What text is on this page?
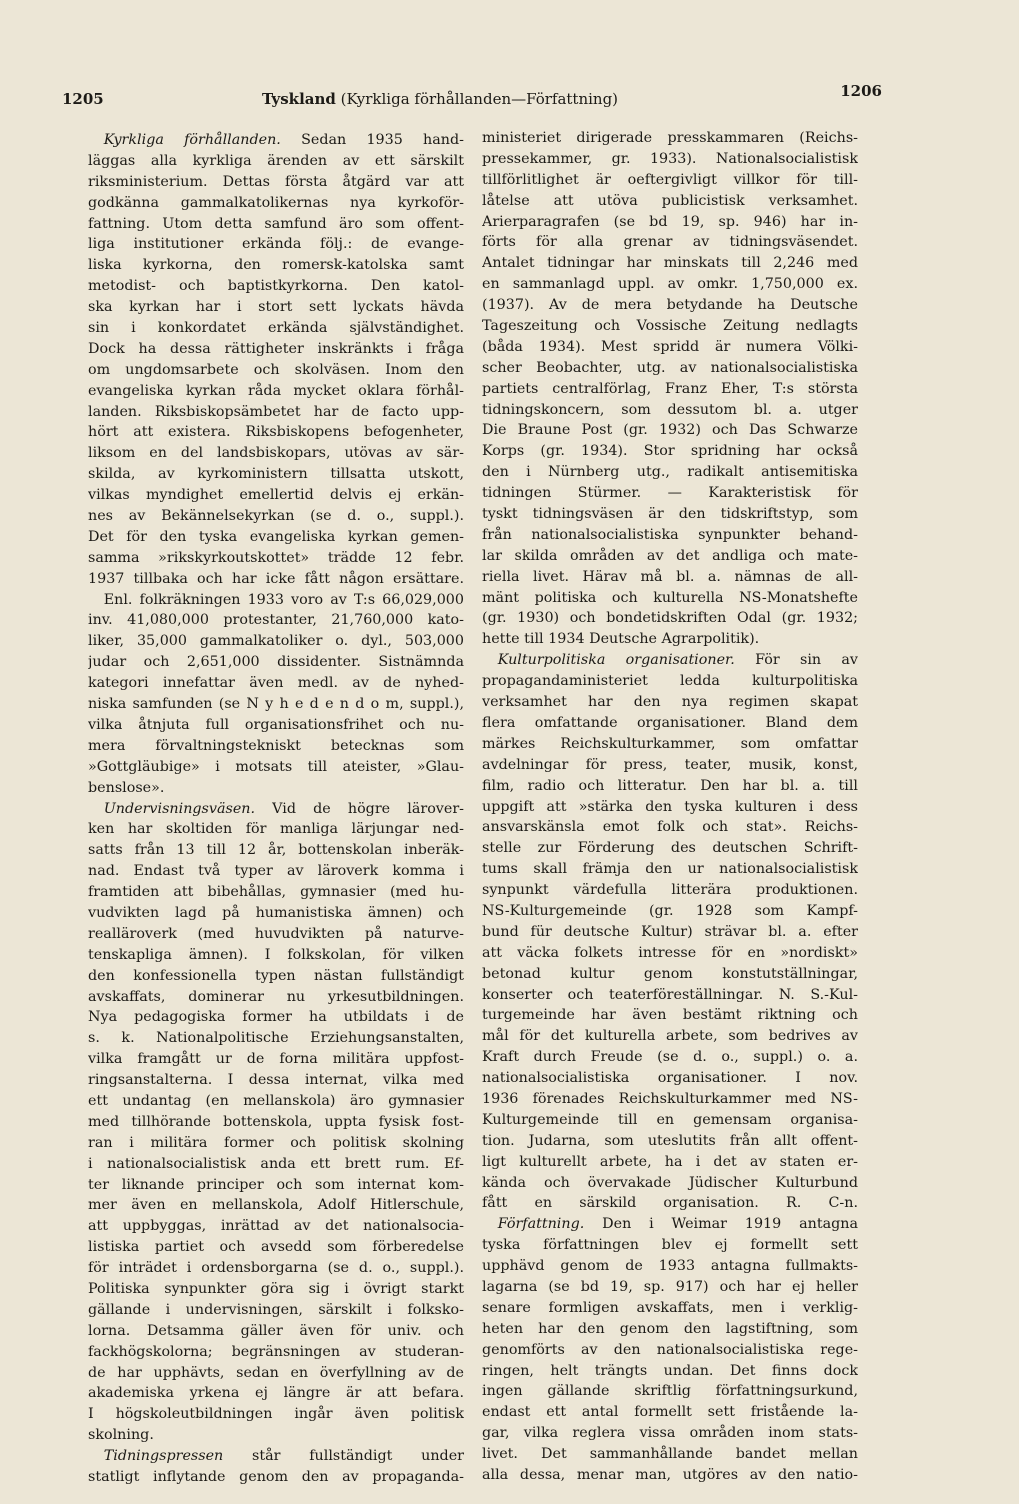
1205	Tyskland (Kyrkliga förhållanden—Författning)	1206
Kyrkliga förhållanden. Sedan 1935 hand-
läggas alla kyrkliga ärenden av ett särskilt
riksministerium. Dettas första åtgärd var att
godkänna gammalkatolikernas nya kyrkoför-
fattning. Utom detta samfund äro som offent-
liga institutioner erkända följ.: de evange-
liska kyrkorna, den romersk-katolska samt
metodist- och baptistkyrkorna. Den katol-
ska kyrkan har i stort sett lyckats hävda
sin i konkordatet erkända självständighet.
Dock ha dessa rättigheter inskränkts i fråga
om ungdomsarbete och skolväsen. Inom den
evangeliska kyrkan råda mycket oklara förhål-
landen. Riksbiskopsämbetet har de facto upp-
hört att existera. Riksbiskopens befogenheter,
liksom en del landsbiskopars, utövas av sär-
skilda, av kyrkoministern tillsatta utskott,
vilkas myndighet emellertid delvis ej erkän-
nes av Bekännelsekyrkan (se d. o., suppl.).
Det för den tyska evangeliska kyrkan gemen-
samma »rikskyrkoutskottet» trädde 12 febr.
1937 tillbaka och har icke fått någon ersättare.
Enl. folkräkningen 1933 voro av T:s 66,029,000
inv. 41,080,000 protestanter, 21,760,000 kato-
liker, 35,000 gammalkatoliker o. dyl., 503,000
judar och 2,651,000 dissidenter. Sistnämnda
kategori innefattar även medl. av de nyhed-
niska samfunden (se N y h e d e n d o m, suppl.),
vilka åtnjuta full organisationsfrihet och nu-
mera förvaltningstekniskt betecknas som
»Gottgläubige» i motsats till ateister, »Glau-
benslose».
Undervisningsväsen. Vid de högre lärover-
ken har skoltiden för manliga lärjungar ned-
satts från 13 till 12 år, bottenskolan inberäk-
nad. Endast två typer av läroverk komma i
framtiden att bibehållas, gymnasier (med hu-
vudvikten lagd på humanistiska ämnen) och
realläroverk (med huvudvikten på naturve-
tenskapliga ämnen). I folkskolan, för vilken
den konfessionella typen nästan fullständigt
avskaffats, dominerar nu yrkesutbildningen.
Nya pedagogiska former ha utbildats i de
s. k. Nationalpolitische Erziehungsanstalten,
vilka framgått ur de forna militära uppfost-
ringsanstalterna. I dessa internat, vilka med
ett undantag (en mellanskola) äro gymnasier
med tillhörande bottenskola, uppta fysisk fost-
ran i militära former och politisk skolning
i nationalsocialistisk anda ett brett rum. Ef-
ter liknande principer och som internat kom-
mer även en mellanskola, Adolf Hitlerschule,
att uppbyggas, inrättad av det nationalsocia-
listiska partiet och avsedd som förberedelse
för inträdet i ordensborgarna (se d. o., suppl.).
Politiska synpunkter göra sig i övrigt starkt
gällande i undervisningen, särskilt i folksko-
lorna. Detsamma gäller även för univ. och
fackhögskolorna; begränsningen av studeran-
de har upphävts, sedan en överfyllning av de
akademiska yrkena ej längre är att befara.
I högskoleutbildningen ingår även politisk
skolning.
Tidningspressen står fullständigt under
statligt inflytande genom den av propaganda-
ministeriet dirigerade presskammaren (Reichs-
pressekammer, gr. 1933). Nationalsocialistisk
tillförlitlighet är oeftergivligt villkor för till-
låtelse att utöva publicistisk verksamhet.
Arierparagrafen (se bd 19, sp. 946) har in-
förts för alla grenar av tidningsväsendet.
Antalet tidningar har minskats till 2,246 med
en sammanlagd uppl. av omkr. 1,750,000 ex.
(1937). Av de mera betydande ha Deutsche
Tageszeitung och Vossische Zeitung nedlagts
(båda 1934). Mest spridd är numera Völki-
scher Beobachter, utg. av nationalsocialistiska
partiets centralförlag, Franz Eher, T:s största
tidningskoncern, som dessutom bl. a. utger
Die Braune Post (gr. 1932) och Das Schwarze
Korps (gr. 1934). Stor spridning har också
den i Nürnberg utg., radikalt antisemitiska
tidningen Stürmer. — Karakteristisk för
tyskt tidningsväsen är den tidskriftstyp, som
från nationalsocialistiska synpunkter behand-
lar skilda områden av det andliga och mate-
riella livet. Härav må bl. a. nämnas de all-
mänt politiska och kulturella NS-Monatshefte
(gr. 1930) och bondetidskriften Odal (gr. 1932;
hette till 1934 Deutsche Agrarpolitik).
Kulturpolitiska organisationer. För sin av
propagandaministeriet ledda kulturpolitiska
verksamhet har den nya regimen skapat
flera omfattande organisationer. Bland dem
märkes Reichskulturkammer, som omfattar
avdelningar för press, teater, musik, konst,
film, radio och litteratur. Den har bl. a. till
uppgift att »stärka den tyska kulturen i dess
ansvarskänsla emot folk och stat». Reichs-
stelle zur Förderung des deutschen Schrift-
tums skall främja den ur nationalsocialistisk
synpunkt värdefulla litterära produktionen.
NS-Kulturgemeinde (gr. 1928 som Kampf-
bund für deutsche Kultur) strävar bl. a. efter
att väcka folkets intresse för en »nordiskt»
betonad kultur genom konstutställningar,
konserter och teaterföreställningar. N. S.-Kul-
turgemeinde har även bestämt riktning och
mål för det kulturella arbete, som bedrives av
Kraft durch Freude (se d. o., suppl.) o. a.
nationalsocialistiska organisationer. I nov.
1936 förenades Reichskulturkammer med NS-
Kulturgemeinde till en gemensam organisa-
tion. Judarna, som uteslutits från allt offent-
ligt kulturellt arbete, ha i det av staten er-
kända och övervakade Jüdischer Kulturbund
fått en särskild organisation. R. C-n.
Författning. Den i Weimar 1919 antagna
tyska författningen blev ej formellt sett
upphävd genom de 1933 antagna fullmakts-
lagarna (se bd 19, sp. 917) och har ej heller
senare formligen avskaffats, men i verklig-
heten har den genom den lagstiftning, som
genomförts av den nationalsocialistiska rege-
ringen, helt trängts undan. Det finns dock
ingen gällande skriftlig författningsurkund,
endast ett antal formellt sett fristående la-
gar, vilka reglera vissa områden inom stats-
livet. Det sammanhållande bandet mellan
alla dessa, menar man, utgöres av den natio-
